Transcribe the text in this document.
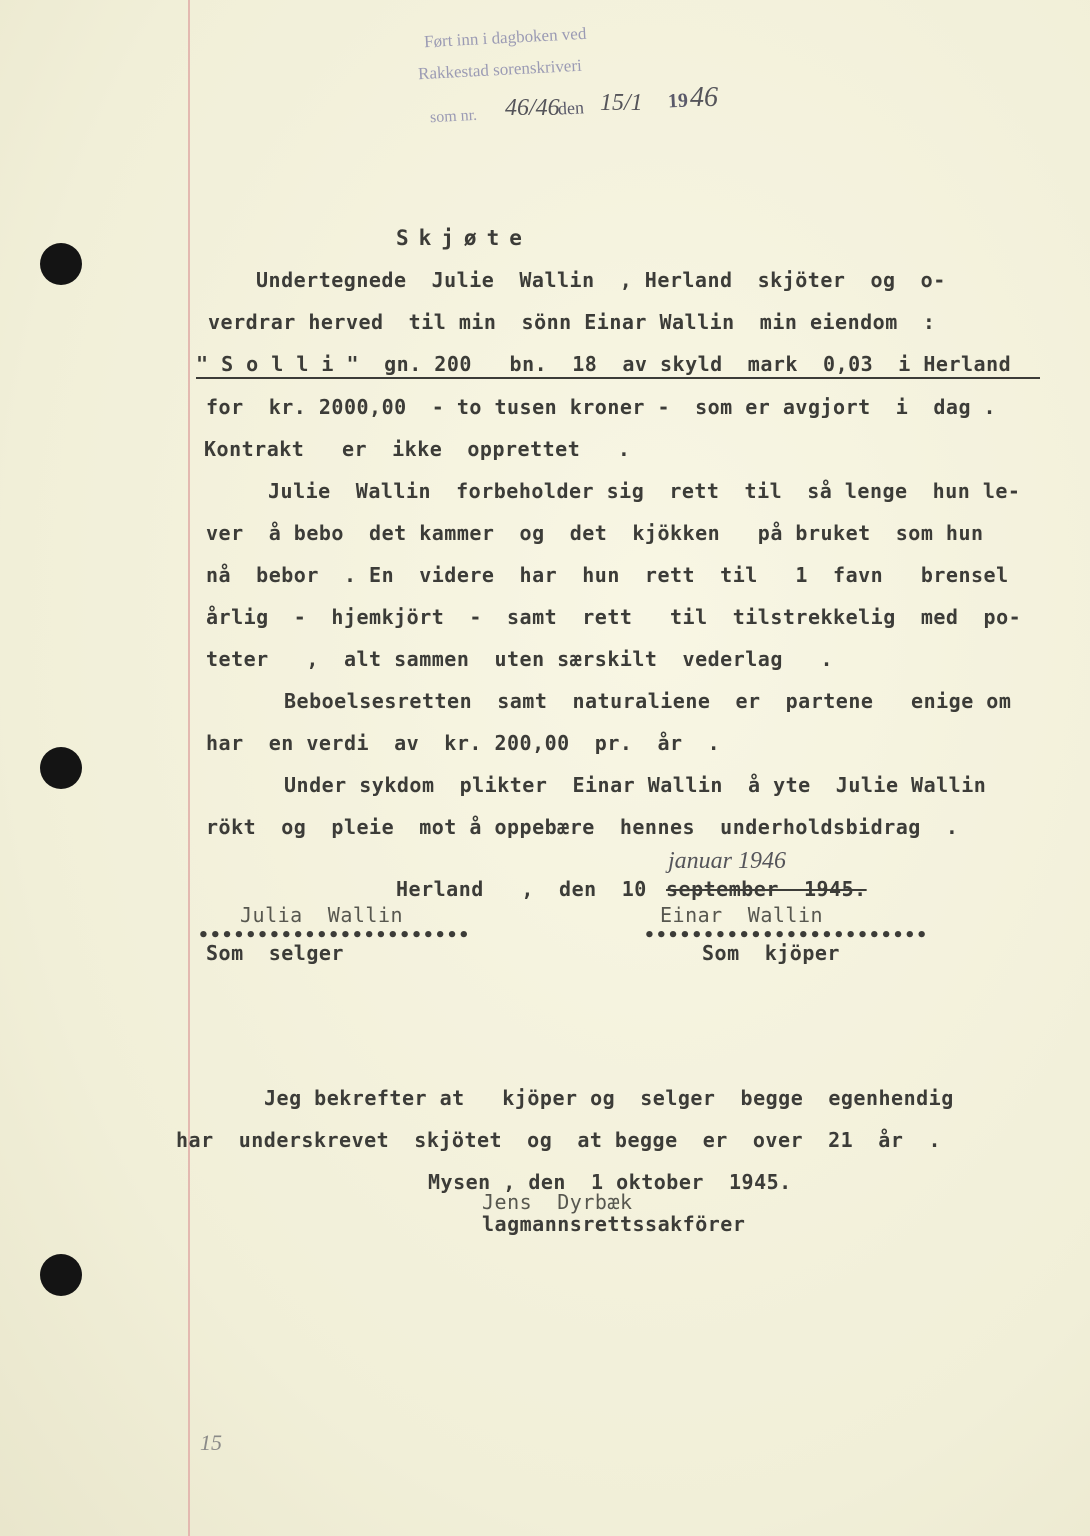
Ført inn i dagboken ved
Rakkestad sorenskriveri
som nr. 46/46
den 15/1 19 46
Skjøte
Undertegnede  Julie  Wallin  , Herland  skjöter  og  o-
verdrar herved  til min  sönn Einar Wallin  min eiendom  :
" S o l l i "  gn. 200   bn.  18  av skyld  mark  0,03  i Herland
for  kr. 2000,00  - to tusen kroner -  som er avgjort  i  dag .
Kontrakt   er  ikke  opprettet   .
Julie  Wallin  forbeholder sig  rett  til  så lenge  hun le-
ver  å bebo  det kammer  og  det  kjökken   på bruket  som hun
nå  bebor  . En  videre  har  hun  rett  til   1  favn   brensel
årlig  -  hjemkjört  -  samt  rett   til  tilstrekkelig  med  po-
teter   ,  alt sammen  uten særskilt  vederlag   .
Beboelsesretten  samt  naturaliene  er  partene   enige om
har  en verdi  av  kr. 200,00  pr.  år  .
Under sykdom  plikter  Einar Wallin  å yte  Julie Wallin
rökt  og  pleie  mot å oppebære  hennes  underholdsbidrag  .
januar 1946
Herland   ,  den  10 september  1945.
Julia  Wallin	Einar  Wallin
•••••••••••••••••••••••	••••••••••••••••••••••••
Som  selger	Som  kjöper
Jeg bekrefter at   kjöper og  selger  begge  egenhendig
har  underskrevet  skjötet  og  at begge  er  over  21  år  .
Mysen , den  1 oktober  1945.
Jens  Dyrbæk
lagmannsrettssakförer
15
